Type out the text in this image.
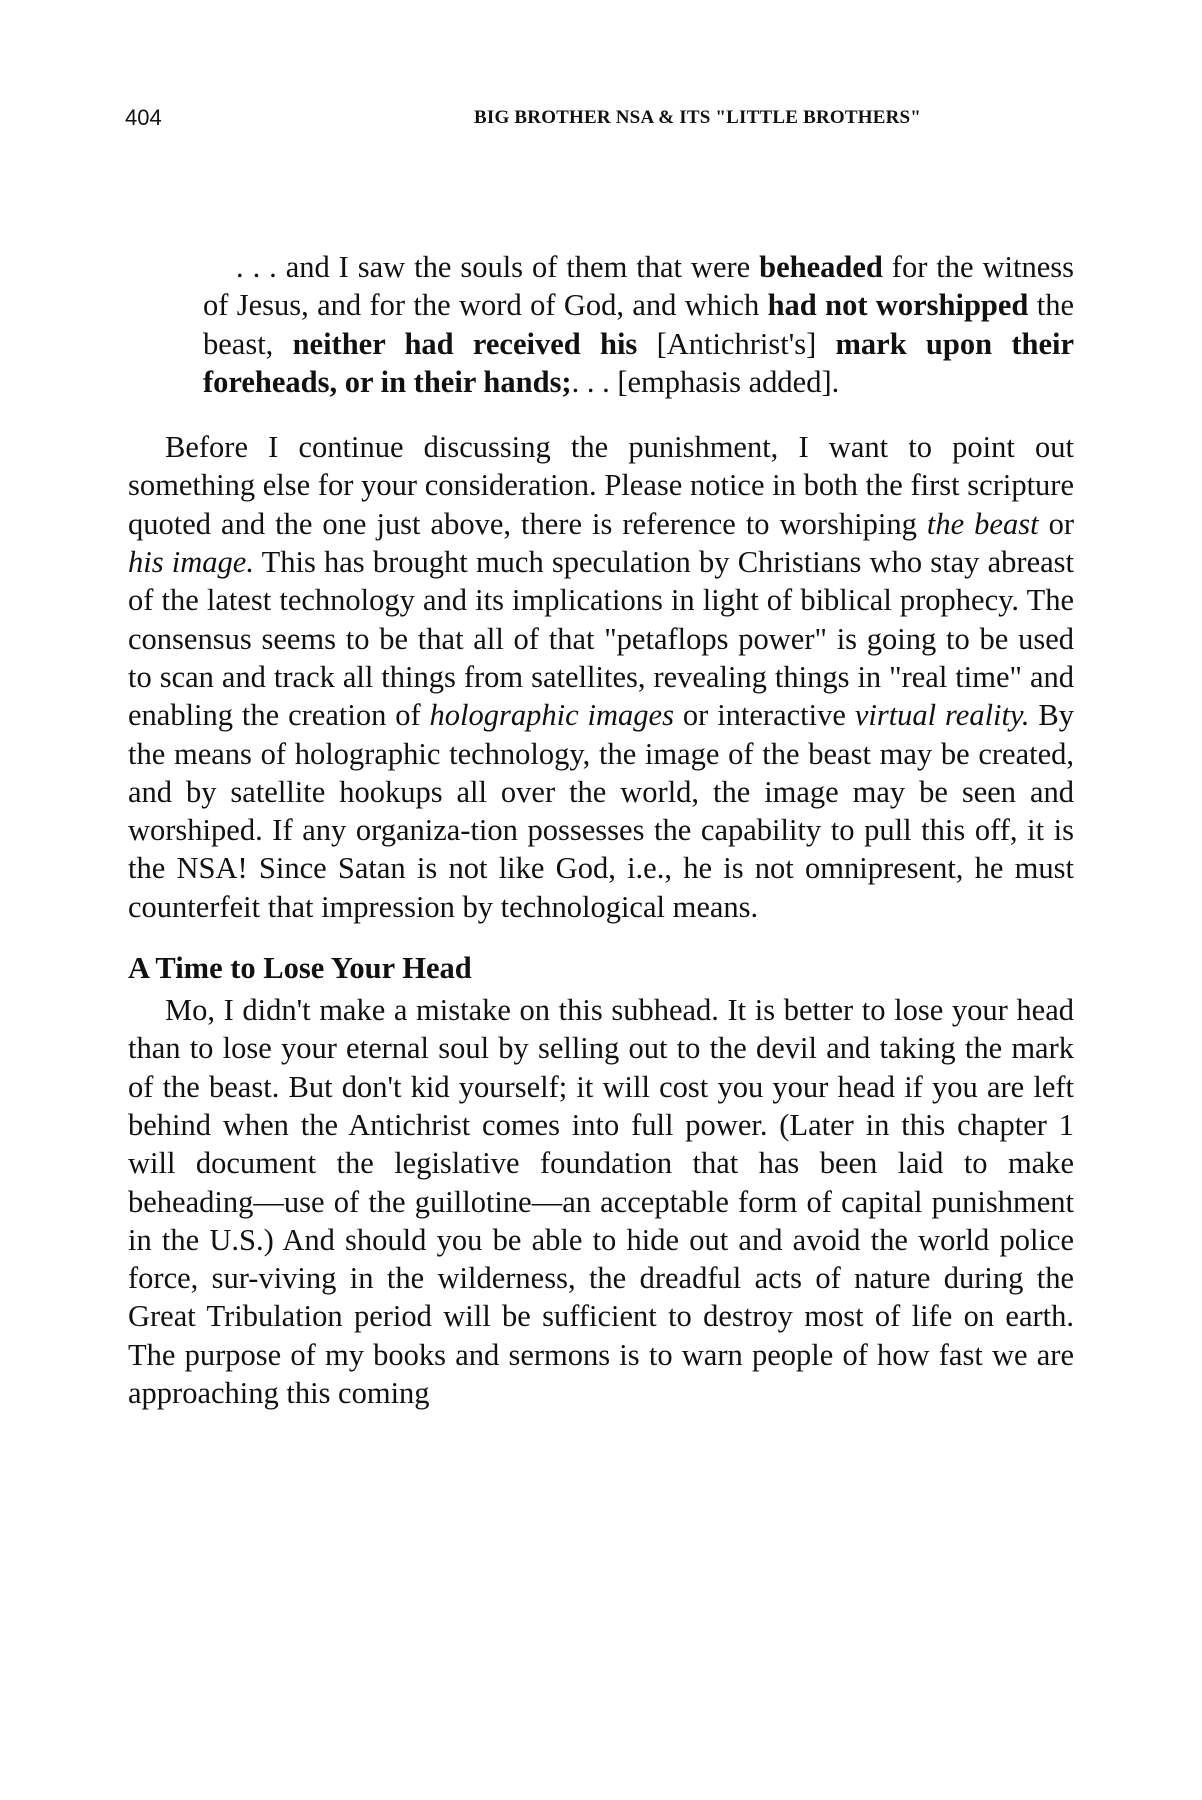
404	BIG BROTHER NSA & ITS "LITTLE BROTHERS"

. . . and I saw the souls of them that were beheaded for the witness of Jesus, and for the word of God, and which had not worshipped the beast, neither had received his [Antichrist's] mark upon their foreheads, or in their hands;. . . [emphasis added].

Before I continue discussing the punishment, I want to point out something else for your consideration. Please notice in both the first scripture quoted and the one just above, there is reference to worshiping the beast or his image. This has brought much speculation by Christians who stay abreast of the latest technology and its implications in light of biblical prophecy. The consensus seems to be that all of that "petaflops power" is going to be used to scan and track all things from satellites, revealing things in "real time" and enabling the creation of holographic images or interactive virtual reality. By the means of holographic technology, the image of the beast may be created, and by satellite hookups all over the world, the image may be seen and worshiped. If any organiza-tion possesses the capability to pull this off, it is the NSA! Since Satan is not like God, i.e., he is not omnipresent, he must counterfeit that impression by technological means.

A Time to Lose Your Head

Mo, I didn't make a mistake on this subhead. It is better to lose your head than to lose your eternal soul by selling out to the devil and taking the mark of the beast. But don't kid yourself; it will cost you your head if you are left behind when the Antichrist comes into full power. (Later in this chapter 1 will document the legislative foundation that has been laid to make beheading—use of the guillotine—an acceptable form of capital punishment in the U.S.) And should you be able to hide out and avoid the world police force, sur-viving in the wilderness, the dreadful acts of nature during the Great Tribulation period will be sufficient to destroy most of life on earth. The purpose of my books and sermons is to warn people of how fast we are approaching this coming
